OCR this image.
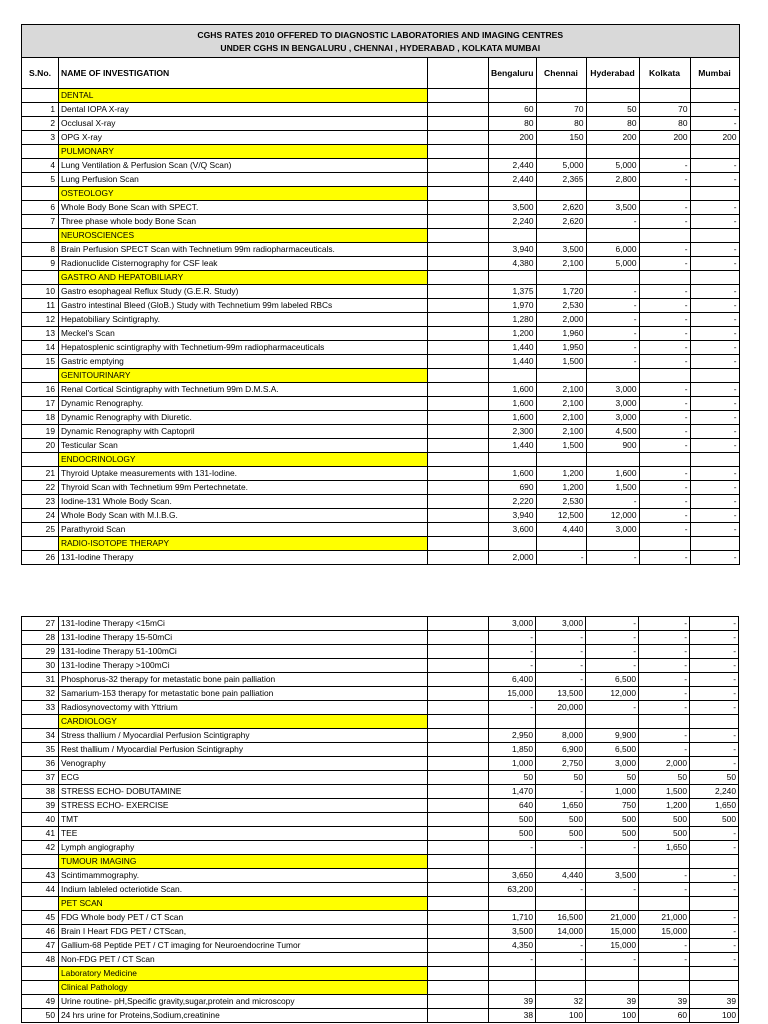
CGHS RATES 2010 OFFERED TO DIAGNOSTIC LABORATORIES AND IMAGING CENTRES
UNDER CGHS IN BENGALURU , CHENNAI , HYDERABAD , KOLKATA MUMBAI							

S.No.	NAME OF INVESTIGATION		Bengaluru	Chennai	Hyderabad	Kolkata	Mumbai
	DENTAL						
1	Dental IOPA X-ray		60	70	50	70	-
2	Occlusal X-ray		80	80	80	80	-
3	OPG X-ray		200	150	200	200	200
	PULMONARY						
4	Lung Ventilation & Perfusion Scan (V/Q Scan)		2,440	5,000	5,000	-	-
5	Lung Perfusion Scan		2,440	2,365	2,800	-	-
	OSTEOLOGY						
6	Whole Body Bone Scan with SPECT.		3,500	2,620	3,500	-	-
7	Three phase whole body Bone Scan		2,240	2,620	-	-	-
	NEUROSCIENCES						
8	Brain Perfusion SPECT Scan with Technetium 99m radiopharmaceuticals.		3,940	3,500	6,000	-	-
9	Radionuclide Cisternography for CSF leak		4,380	2,100	5,000	-	-
	GASTRO AND HEPATOBILIARY						
10	Gastro esophageal Reflux Study (G.E.R. Study)		1,375	1,720	-	-	-
11	Gastro intestinal Bleed (GloB.) Study with Technetium 99m labeled RBCs		1,970	2,530	-	-	-
12	Hepatobiliary Scintigraphy.		1,280	2,000	-	-	-
13	Meckel's Scan		1,200	1,960	-	-	-
14	Hepatosplenic scintigraphy with Technetium-99m radiopharmaceuticals		1,440	1,950	-	-	-
15	Gastric emptying		1,440	1,500	-	-	-
	GENITOURINARY						
16	Renal Cortical Scintigraphy with Technetium 99m D.M.S.A.		1,600	2,100	3,000	-	-
17	Dynamic Renography.		1,600	2,100	3,000	-	-
18	Dynamic Renography with Diuretic.		1,600	2,100	3,000	-	-
19	Dynamic Renography with Captopril		2,300	2,100	4,500	-	-
20	Testicular Scan		1,440	1,500	900	-	-
	ENDOCRINOLOGY						
21	Thyroid Uptake measurements with 131-Iodine.		1,600	1,200	1,600	-	-
22	Thyroid Scan with Technetium 99m Pertechnetate.		690	1,200	1,500	-	-
23	Iodine-131 Whole Body Scan.		2,220	2,530	-	-	-
24	Whole Body Scan with M.I.B.G.		3,940	12,500	12,000	-	-
25	Parathyroid Scan		3,600	4,440	3,000	-	-
	RADIO-ISOTOPE THERAPY						
26	131-Iodine Therapy		2,000	-	-	-	-
27	131-Iodine Therapy <15mCi		3,000	3,000	-	-	-
28	131-Iodine Therapy 15-50mCi		-	-	-	-	-
29	131-Iodine Therapy 51-100mCi		-	-	-	-	-
30	131-Iodine Therapy >100mCi		-	-	-	-	-
31	Phosphorus-32 therapy for metastatic bone pain palliation		6,400	-	6,500	-	-
32	Samarium-153 therapy for metastatic bone pain palliation		15,000	13,500	12,000	-	-
33	Radiosynovectomy with Yttrium		-	20,000	-	-	-
	CARDIOLOGY						
34	Stress thallium / Myocardial Perfusion Scintigraphy		2,950	8,000	9,900	-	-
35	Rest thallium / Myocardial Perfusion Scintigraphy		1,850	6,900	6,500	-	-
36	Venography		1,000	2,750	3,000	2,000	-
37	ECG		50	50	50	50	50
38	STRESS ECHO- DOBUTAMINE		1,470	-	1,000	1,500	2,240
39	STRESS ECHO- EXERCISE		640	1,650	750	1,200	1,650
40	TMT		500	500	500	500	500
41	TEE		500	500	500	500	-
42	Lymph angiography		-	-	-	1,650	-
	TUMOUR IMAGING						
43	Scintimammography.		3,650	4,440	3,500	-	-
44	Indium lableled octeriotide Scan.		63,200	-	-	-	-
	PET SCAN						
45	FDG Whole body PET / CT Scan		1,710	16,500	21,000	21,000	-
46	Brain I Heart FDG PET / CTScan,		3,500	14,000	15,000	15,000	-
47	Gallium-68 Peptide PET / CT imaging for Neuroendocrine Tumor		4,350	-	15,000	-	-
48	Non-FDG PET / CT Scan		-	-	-	-	-
	Laboratory Medicine						
	Clinical Pathology						
49	Urine routine- pH,Specific gravity,sugar,protein and microscopy		39	32	39	39	39
50	24 hrs urine for Proteins,Sodium,creatinine		38	100	100	60	100
